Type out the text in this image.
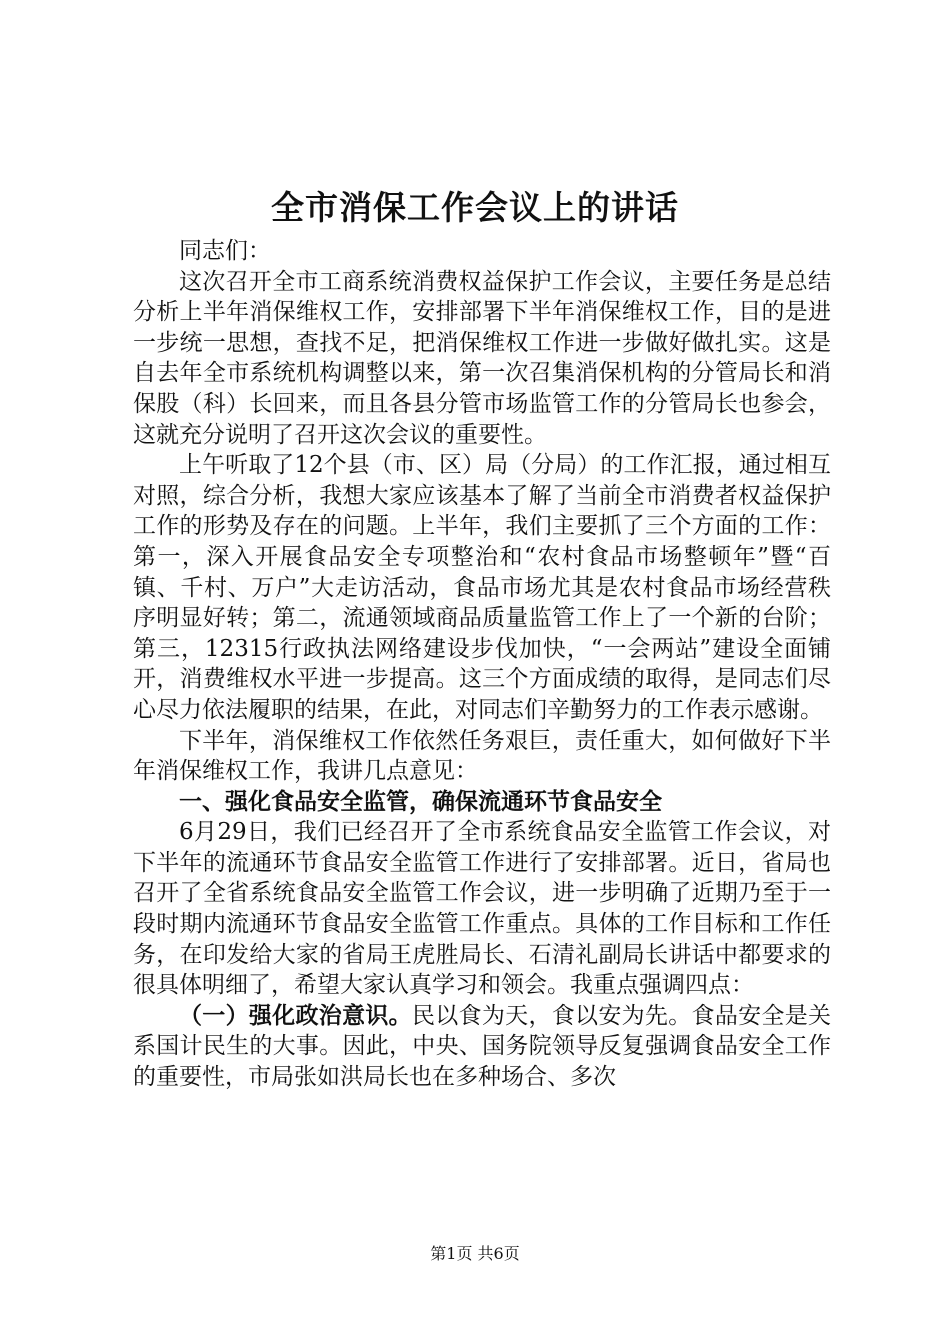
全市消保工作会议上的讲话

同志们：

这次召开全市工商系统消费权益保护工作会议，主要任务是总结分析上半年消保维权工作，安排部署下半年消保维权工作，目的是进一步统一思想，查找不足，把消保维权工作进一步做好做扎实。这是自去年全市系统机构调整以来，第一次召集消保机构的分管局长和消保股（科）长回来，而且各县分管市场监管工作的分管局长也参会，这就充分说明了召开这次会议的重要性。

上午听取了12个县（市、区）局（分局）的工作汇报，通过相互对照，综合分析，我想大家应该基本了解了当前全市消费者权益保护工作的形势及存在的问题。上半年，我们主要抓了三个方面的工作：第一，深入开展食品安全专项整治和“农村食品市场整顿年”暨“百镇、千村、万户”大走访活动，食品市场尤其是农村食品市场经营秩序明显好转；第二，流通领域商品质量监管工作上了一个新的台阶；第三，12315行政执法网络建设步伐加快，“一会两站”建设全面铺开，消费维权水平进一步提高。这三个方面成绩的取得，是同志们尽心尽力依法履职的结果，在此，对同志们辛勤努力的工作表示感谢。

下半年，消保维权工作依然任务艰巨，责任重大，如何做好下半年消保维权工作，我讲几点意见：

一、强化食品安全监管，确保流通环节食品安全

6月29日，我们已经召开了全市系统食品安全监管工作会议，对下半年的流通环节食品安全监管工作进行了安排部署。近日，省局也召开了全省系统食品安全监管工作会议，进一步明确了近期乃至于一段时期内流通环节食品安全监管工作重点。具体的工作目标和工作任务，在印发给大家的省局王虎胜局长、石清礼副局长讲话中都要求的很具体明细了，希望大家认真学习和领会。我重点强调四点：

（一）强化政治意识。民以食为天，食以安为先。食品安全是关系国计民生的大事。因此，中央、国务院领导反复强调食品安全工作的重要性，市局张如洪局长也在多种场合、多次

第1页 共6页
